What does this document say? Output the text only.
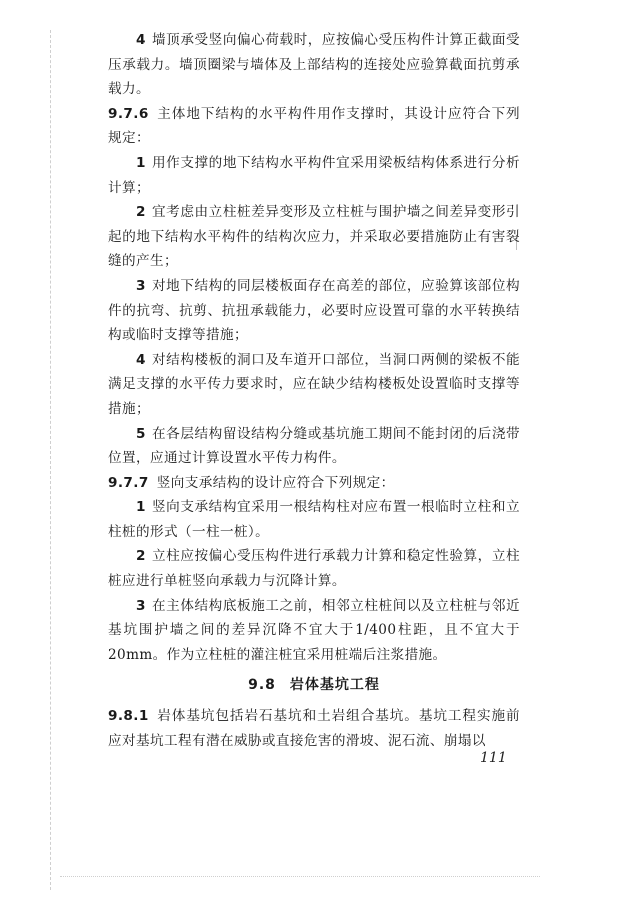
4 墙顶承受竖向偏心荷载时，应按偏心受压构件计算正截面受压承载力。墙顶圈梁与墙体及上部结构的连接处应验算截面抗剪承载力。

9.7.6 主体地下结构的水平构件用作支撑时，其设计应符合下列规定：

1 用作支撑的地下结构水平构件宜采用梁板结构体系进行分析计算；

2 宜考虑由立柱桩差异变形及立柱桩与围护墙之间差异变形引起的地下结构水平构件的结构次应力，并采取必要措施防止有害裂缝的产生；

3 对地下结构的同层楼板面存在高差的部位，应验算该部位构件的抗弯、抗剪、抗扭承载能力，必要时应设置可靠的水平转换结构或临时支撑等措施；

4 对结构楼板的洞口及车道开口部位，当洞口两侧的梁板不能满足支撑的水平传力要求时，应在缺少结构楼板处设置临时支撑等措施；

5 在各层结构留设结构分缝或基坑施工期间不能封闭的后浇带位置，应通过计算设置水平传力构件。

9.7.7 竖向支承结构的设计应符合下列规定：

1 竖向支承结构宜采用一根结构柱对应布置一根临时立柱和立柱桩的形式（一柱一桩）。

2 立柱应按偏心受压构件进行承载力计算和稳定性验算，立柱桩应进行单桩竖向承载力与沉降计算。

3 在主体结构底板施工之前，相邻立柱桩间以及立柱桩与邻近基坑围护墙之间的差异沉降不宜大于1/400柱距，且不宜大于20mm。作为立柱桩的灌注桩宜采用桩端后注浆措施。

9.8 岩体基坑工程

9.8.1 岩体基坑包括岩石基坑和土岩组合基坑。基坑工程实施前应对基坑工程有潜在威胁或直接危害的滑坡、泥石流、崩塌以

111
